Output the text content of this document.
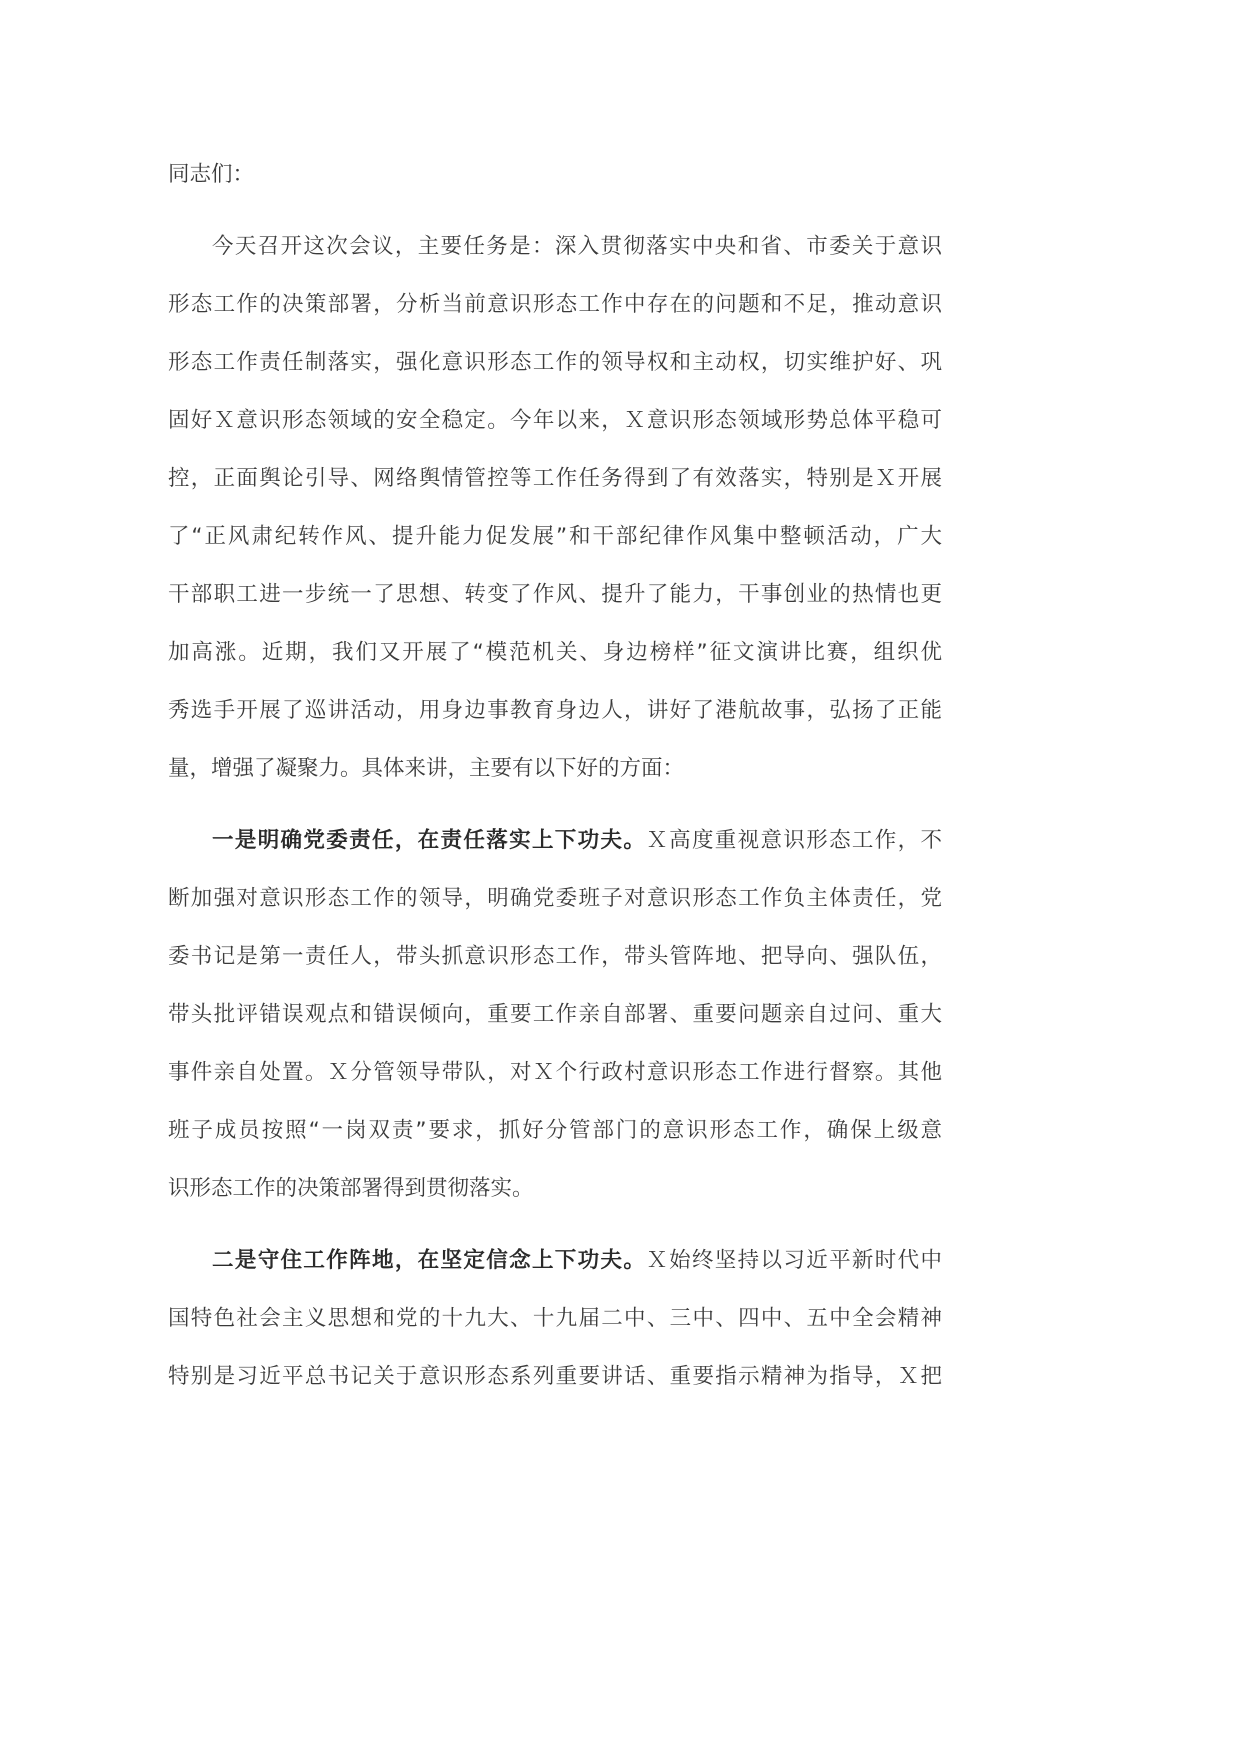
同志们：
今天召开这次会议，主要任务是：深入贯彻落实中央和省、市委关于意识
形态工作的决策部署，分析当前意识形态工作中存在的问题和不足，推动意识
形态工作责任制落实，强化意识形态工作的领导权和主动权，切实维护好、巩
固好Ｘ意识形态领域的安全稳定。今年以来，Ｘ意识形态领域形势总体平稳可
控，正面舆论引导、网络舆情管控等工作任务得到了有效落实，特别是Ｘ开展
了“正风肃纪转作风、提升能力促发展”和干部纪律作风集中整顿活动，广大
干部职工进一步统一了思想、转变了作风、提升了能力，干事创业的热情也更
加高涨。近期，我们又开展了“模范机关、身边榜样”征文演讲比赛，组织优
秀选手开展了巡讲活动，用身边事教育身边人，讲好了港航故事，弘扬了正能
量，增强了凝聚力。具体来讲，主要有以下好的方面：
一是明确党委责任，在责任落实上下功夫。Ｘ高度重视意识形态工作，不
断加强对意识形态工作的领导，明确党委班子对意识形态工作负主体责任，党
委书记是第一责任人，带头抓意识形态工作，带头管阵地、把导向、强队伍，
带头批评错误观点和错误倾向，重要工作亲自部署、重要问题亲自过问、重大
事件亲自处置。Ｘ分管领导带队，对Ｘ个行政村意识形态工作进行督察。其他
班子成员按照“一岗双责”要求，抓好分管部门的意识形态工作，确保上级意
识形态工作的决策部署得到贯彻落实。
二是守住工作阵地，在坚定信念上下功夫。Ｘ始终坚持以习近平新时代中
国特色社会主义思想和党的十九大、十九届二中、三中、四中、五中全会精神
特别是习近平总书记关于意识形态系列重要讲话、重要指示精神为指导，Ｘ把
